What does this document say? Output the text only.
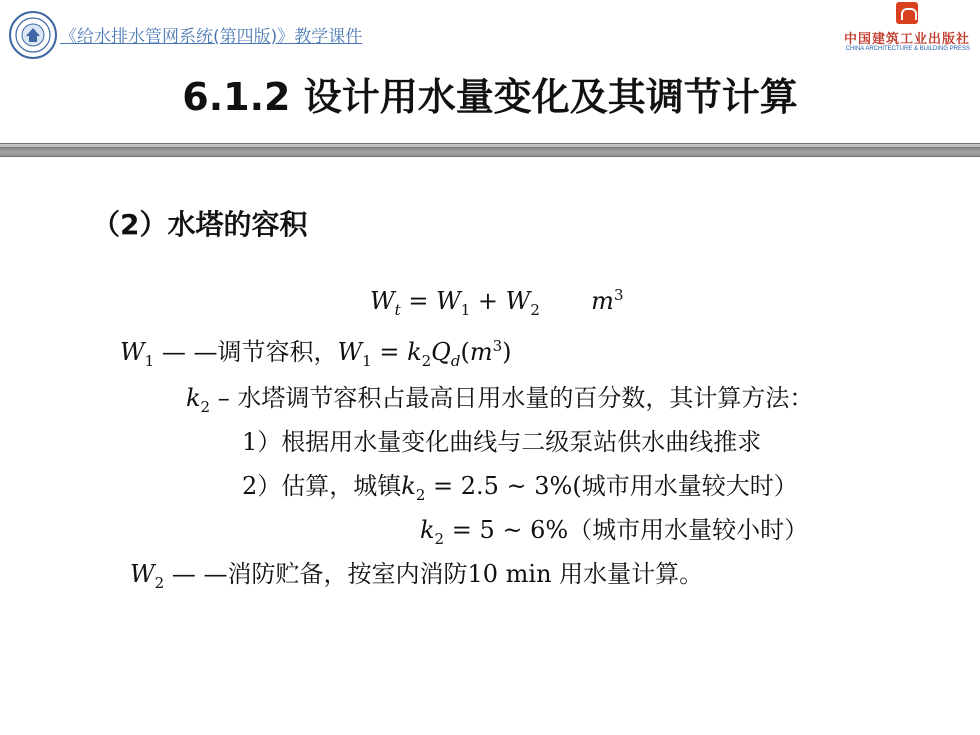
《给水排水管网系统(第四版)》教学课件	中国建筑工业出版社
CHINA ARCHITECTURE & BUILDING PRESS
6.1.2 设计用水量变化及其调节计算
（2）水塔的容积
$W_t = W_1 + W_2$ $m^3$
$W_1$ — —调节容积，$W_1 = k_2Q_d(m^3)$
$k_2$ – 水塔调节容积占最高日用水量的百分数，其计算方法：
1）根据用水量变化曲线与二级泵站供水曲线推求
2）估算，城镇$k_2 = 2.5$ ~ 3%(城市用水量较大时）
$k_2 = 5$ ~ 6%（城市用水量较小时）
$W_2$ — —消防贮备，按室内消防10 min 用水量计算。
